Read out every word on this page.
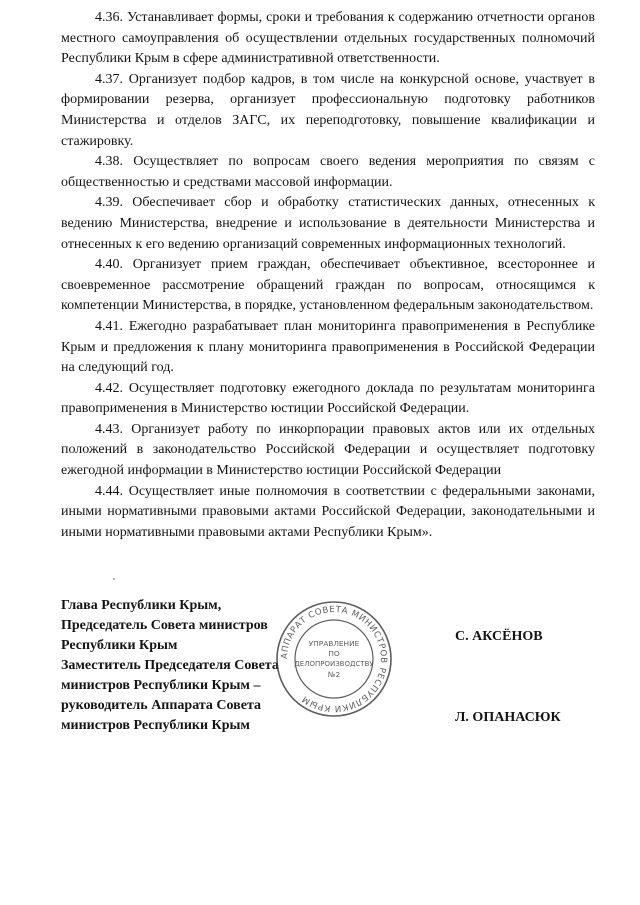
4.36. Устанавливает формы, сроки и требования к содержанию отчетности органов местного самоуправления об осуществлении отдельных государственных полномочий Республики Крым в сфере административной ответственности.

4.37. Организует подбор кадров, в том числе на конкурсной основе, участвует в формировании резерва, организует профессиональную подготовку работников Министерства и отделов ЗАГС, их переподготовку, повышение квалификации и стажировку.

4.38. Осуществляет по вопросам своего ведения мероприятия по связям с общественностью и средствами массовой информации.

4.39. Обеспечивает сбор и обработку статистических данных, отнесенных к ведению Министерства, внедрение и использование в деятельности Министерства и отнесенных к его ведению организаций современных информационных технологий.

4.40. Организует прием граждан, обеспечивает объективное, всестороннее и своевременное рассмотрение обращений граждан по вопросам, относящимся к компетенции Министерства, в порядке, установленном федеральным законодательством.

4.41. Ежегодно разрабатывает план мониторинга правоприменения в Республике Крым и предложения к плану мониторинга правоприменения в Российской Федерации на следующий год.

4.42. Осуществляет подготовку ежегодного доклада по результатам мониторинга правоприменения в Министерство юстиции Российской Федерации.

4.43. Организует работу по инкорпорации правовых актов или их отдельных положений в законодательство Российской Федерации и осуществляет подготовку ежегодной информации в Министерство юстиции Российской Федерации

4.44. Осуществляет иные полномочия в соответствии с федеральными законами, иными нормативными правовыми актами Российской Федерации, законодательными и иными нормативными правовыми актами Республики Крым».

Глава Республики Крым,
Председатель Совета министров
Республики Крым
С. АКСЁНОВ
Заместитель Председателя Совета
министров Республики Крым –
руководитель Аппарата Совета
министров Республики Крым
Л. ОПАНАСЮК
АППАРАТ СОВЕТА МИНИСТРОВ РЕСПУБЛИКИ КРЫМ
УПРАВЛЕНИЕ
ПО
ДЕЛОПРОИЗВОДСТВУ
№2
